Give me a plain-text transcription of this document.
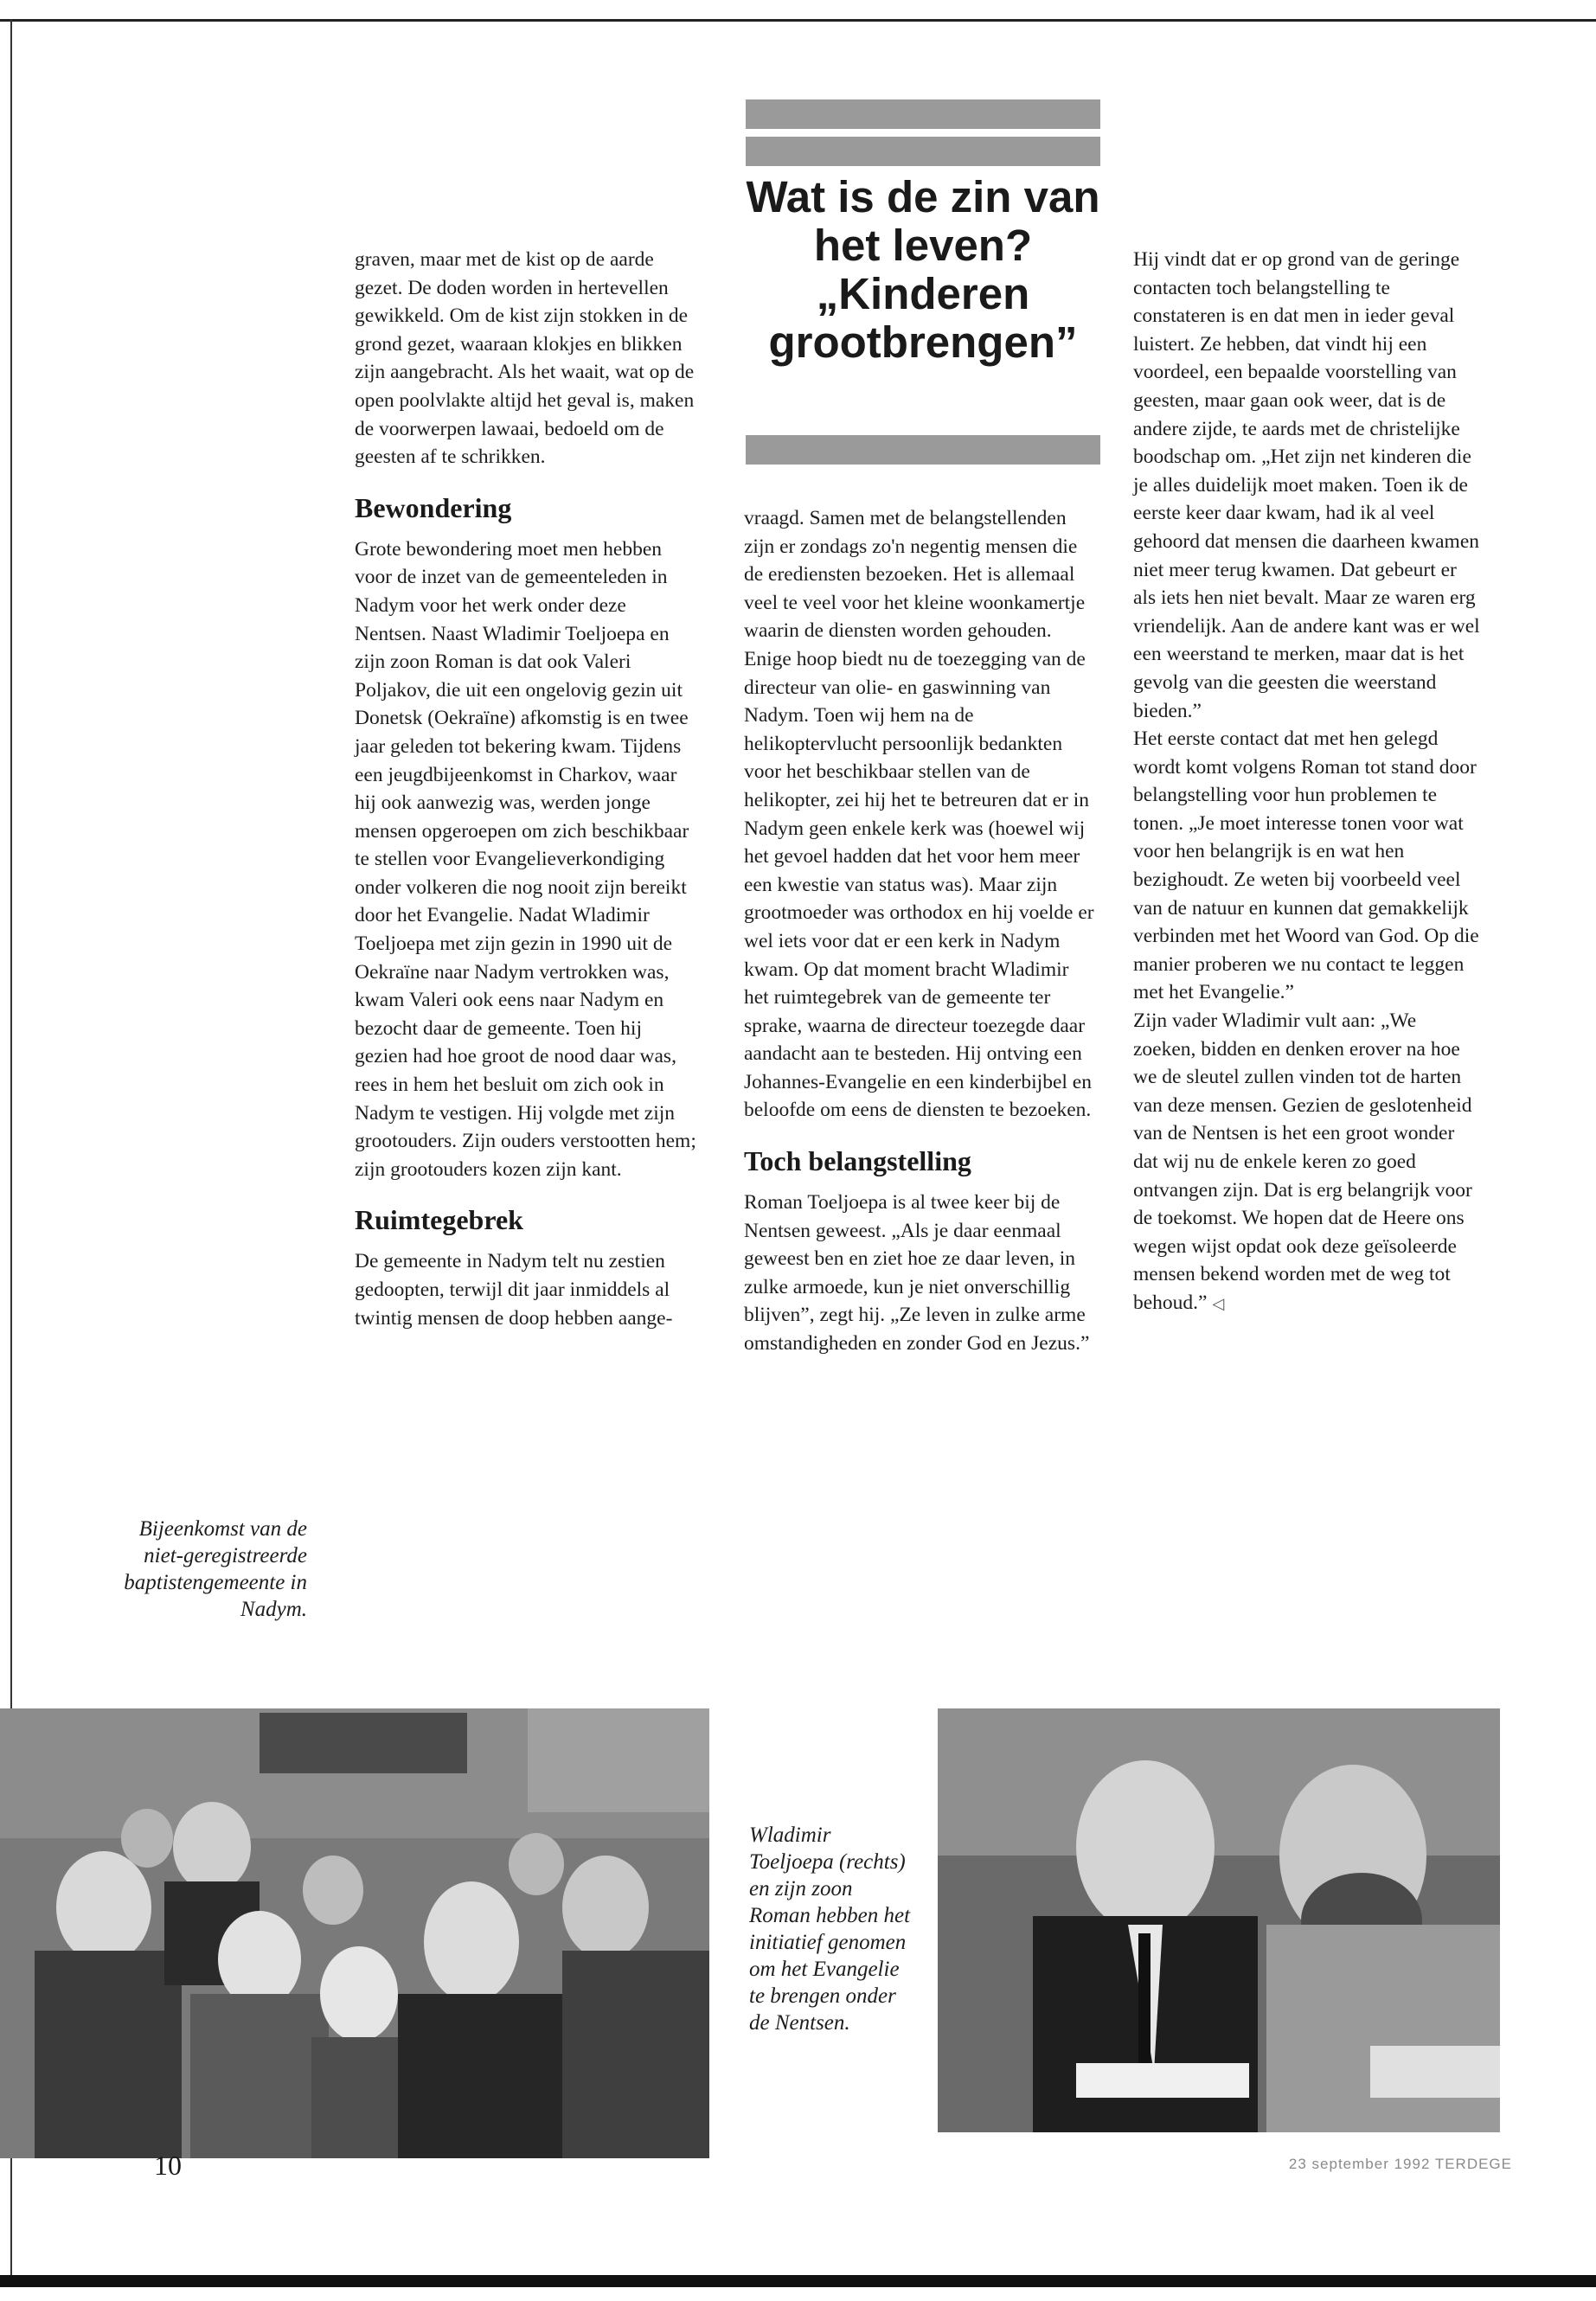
Wat is de zin van
het leven?
„Kinderen
grootbrengen”

graven, maar met de kist op de aarde gezet. De doden worden in hertevellen gewikkeld. Om de kist zijn stokken in de grond gezet, waaraan klokjes en blikken zijn aangebracht. Als het waait, wat op de open poolvlakte altijd het geval is, maken de voorwerpen lawaai, bedoeld om de geesten af te schrikken.

Bewondering

Grote bewondering moet men hebben voor de inzet van de gemeenteleden in Nadym voor het werk onder deze Nentsen. Naast Wladimir Toeljoepa en zijn zoon Roman is dat ook Valeri Poljakov, die uit een ongelovig gezin uit Donetsk (Oekraïne) afkomstig is en twee jaar geleden tot bekering kwam. Tijdens een jeugdbijeenkomst in Charkov, waar hij ook aanwezig was, werden jonge mensen opgeroepen om zich beschikbaar te stellen voor Evangelieverkondiging onder volkeren die nog nooit zijn bereikt door het Evangelie. Nadat Wladimir Toeljoepa met zijn gezin in 1990 uit de Oekraïne naar Nadym vertrokken was, kwam Valeri ook eens naar Nadym en bezocht daar de gemeente. Toen hij gezien had hoe groot de nood daar was, rees in hem het besluit om zich ook in Nadym te vestigen. Hij volgde met zijn grootouders. Zijn ouders verstootten hem; zijn grootouders kozen zijn kant.

Ruimtegebrek

De gemeente in Nadym telt nu zestien gedoopten, terwijl dit jaar inmiddels al twintig mensen de doop hebben aange-

vraagd. Samen met de belangstellenden zijn er zondags zo'n negentig mensen die de erediensten bezoeken. Het is allemaal veel te veel voor het kleine woonkamertje waarin de diensten worden gehouden.

Enige hoop biedt nu de toezegging van de directeur van olie- en gaswinning van Nadym. Toen wij hem na de helikoptervlucht persoonlijk bedankten voor het beschikbaar stellen van de helikopter, zei hij het te betreuren dat er in Nadym geen enkele kerk was (hoewel wij het gevoel hadden dat het voor hem meer een kwestie van status was). Maar zijn grootmoeder was orthodox en hij voelde er wel iets voor dat er een kerk in Nadym kwam. Op dat moment bracht Wladimir het ruimtegebrek van de gemeente ter sprake, waarna de directeur toezegde daar aandacht aan te besteden. Hij ontving een Johannes-Evangelie en een kinderbijbel en beloofde om eens de diensten te bezoeken.

Toch belangstelling

Roman Toeljoepa is al twee keer bij de Nentsen geweest. „Als je daar eenmaal geweest ben en ziet hoe ze daar leven, in zulke armoede, kun je niet onverschillig blijven”, zegt hij. „Ze leven in zulke arme omstandigheden en zonder God en Jezus.”

Hij vindt dat er op grond van de geringe contacten toch belangstelling te constateren is en dat men in ieder geval luistert. Ze hebben, dat vindt hij een voordeel, een bepaalde voorstelling van geesten, maar gaan ook weer, dat is de andere zijde, te aards met de christelijke boodschap om. „Het zijn net kinderen die je alles duidelijk moet maken. Toen ik de eerste keer daar kwam, had ik al veel gehoord dat mensen die daarheen kwamen niet meer terug kwamen. Dat gebeurt er als iets hen niet bevalt. Maar ze waren erg vriendelijk. Aan de andere kant was er wel een weerstand te merken, maar dat is het gevolg van die geesten die weerstand bieden.”

Het eerste contact dat met hen gelegd wordt komt volgens Roman tot stand door belangstelling voor hun problemen te tonen. „Je moet interesse tonen voor wat voor hen belangrijk is en wat hen bezighoudt. Ze weten bij voorbeeld veel van de natuur en kunnen dat gemakkelijk verbinden met het Woord van God. Op die manier proberen we nu contact te leggen met het Evangelie.”

Zijn vader Wladimir vult aan: „We zoeken, bidden en denken erover na hoe we de sleutel zullen vinden tot de harten van deze mensen. Gezien de geslotenheid van de Nentsen is het een groot wonder dat wij nu de enkele keren zo goed ontvangen zijn. Dat is erg belangrijk voor de toekomst. We hopen dat de Heere ons wegen wijst opdat ook deze geïsoleerde mensen bekend worden met de weg tot behoud.” ◁

Bijeenkomst van de niet-geregistreerde baptistengemeente in Nadym.
Wladimir Toeljoepa (rechts) en zijn zoon Roman hebben het initiatief genomen om het Evangelie te brengen onder de Nentsen.
10	23 september 1992 TERDEGE
